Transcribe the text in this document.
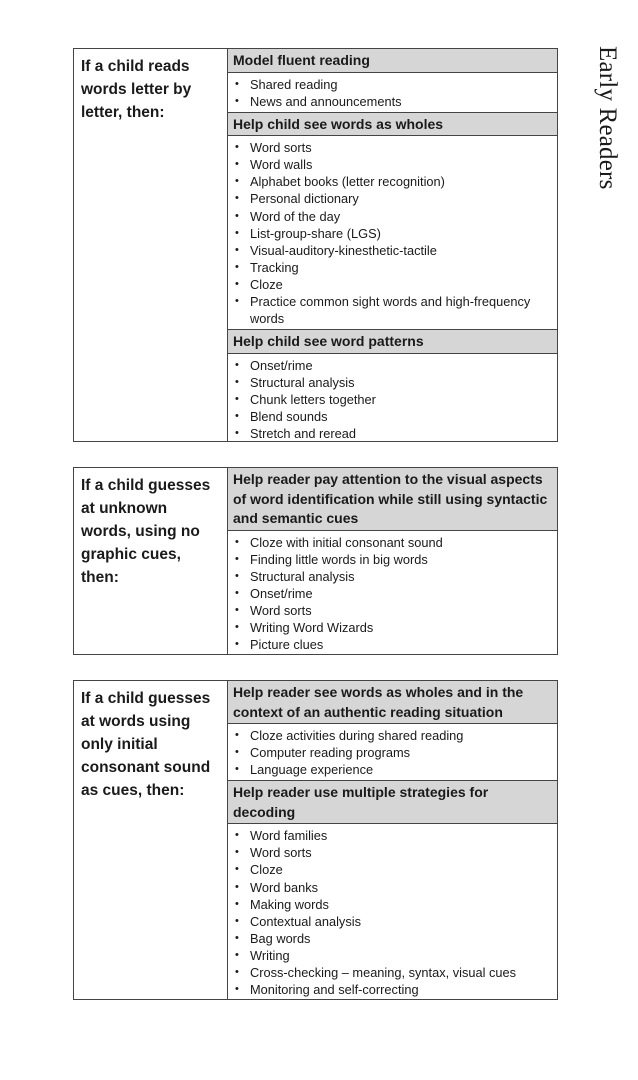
Early Readers
If a child reads words letter by letter, then:
Model fluent reading
• Shared reading
• News and announcements
Help child see words as wholes
• Word sorts
• Word walls
• Alphabet books (letter recognition)
• Personal dictionary
• Word of the day
• List-group-share (LGS)
• Visual-auditory-kinesthetic-tactile
• Tracking
• Cloze
• Practice common sight words and high-frequency words
Help child see word patterns
• Onset/rime
• Structural analysis
• Chunk letters together
• Blend sounds
• Stretch and reread
If a child guesses at unknown words, using no graphic cues, then:
Help reader pay attention to the visual aspects of word identification while still using syntactic and semantic cues
• Cloze with initial consonant sound
• Finding little words in big words
• Structural analysis
• Onset/rime
• Word sorts
• Writing Word Wizards
• Picture clues
If a child guesses at words using only initial consonant sound as cues, then:
Help reader see words as wholes and in the context of an authentic reading situation
• Cloze activities during shared reading
• Computer reading programs
• Language experience
Help reader use multiple strategies for decoding
• Word families
• Word sorts
• Cloze
• Word banks
• Making words
• Contextual analysis
• Bag words
• Writing
• Cross-checking – meaning, syntax, visual cues
• Monitoring and self-correcting
